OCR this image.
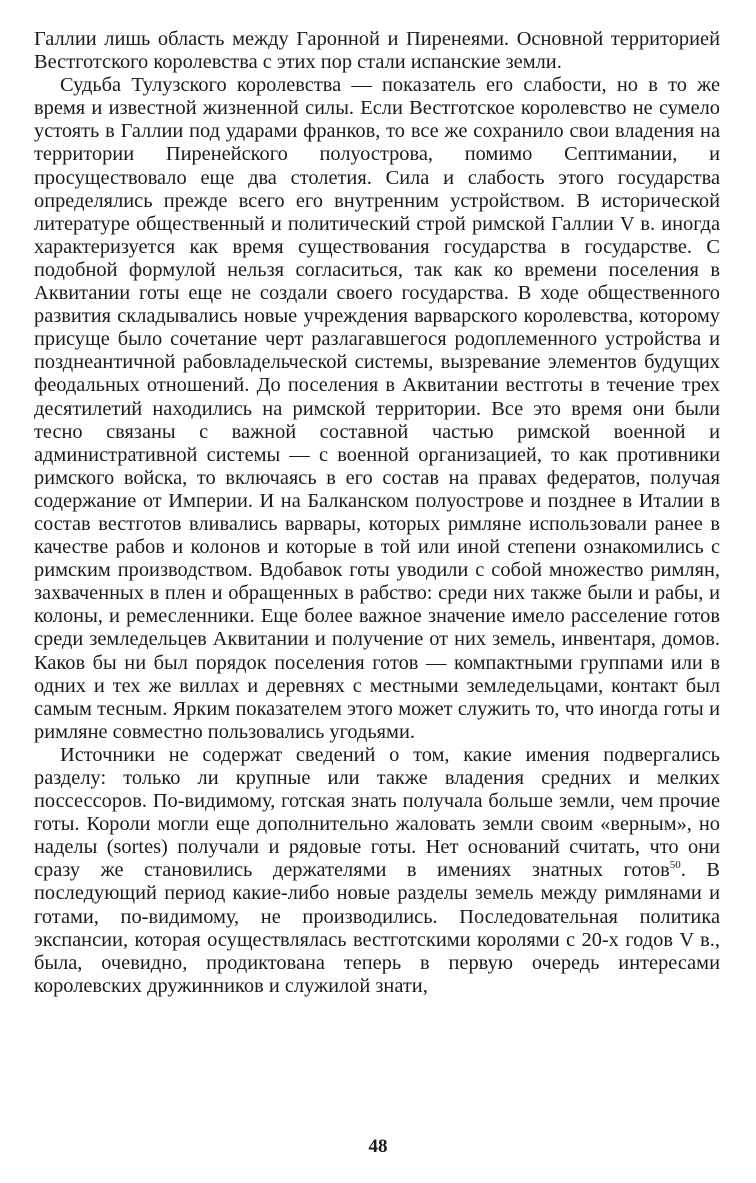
Галлии лишь область между Гаронной и Пиренеями. Основной территорией Вестготского королевства с этих пор стали испанские земли.

Судьба Тулузского королевства — показатель его слабости, но в то же время и известной жизненной силы. Если Вестготское королевство не сумело устоять в Галлии под ударами франков, то все же сохранило свои владения на территории Пиренейского полуострова, помимо Септимании, и просуществовало еще два столетия. Сила и слабость этого государства определялись прежде всего его внутренним устройством. В исторической литературе общественный и политический строй римской Галлии V в. иногда характеризуется как время существования государства в государстве. С подобной формулой нельзя согласиться, так как ко времени поселения в Аквитании готы еще не создали своего государства. В ходе общественного развития складывались новые учреждения варварского королевства, которому присуще было сочетание черт разлагавшегося родоплеменного устройства и позднеантичной рабовладельческой системы, вызревание элементов будущих феодальных отношений. До поселения в Аквитании вестготы в течение трех десятилетий находились на римской территории. Все это время они были тесно связаны с важной составной частью римской военной и административной системы — с военной организацией, то как противники римского войска, то включаясь в его состав на правах федератов, получая содержание от Империи. И на Балканском полуострове и позднее в Италии в состав вестготов вливались варвары, которых римляне использовали ранее в качестве рабов и колонов и которые в той или иной степени ознакомились с римским производством. Вдобавок готы уводили с собой множество римлян, захваченных в плен и обращенных в рабство: среди них также были и рабы, и колоны, и ремесленники. Еще более важное значение имело расселение готов среди земледельцев Аквитании и получение от них земель, инвентаря, домов. Каков бы ни был порядок поселения готов — компактными группами или в одних и тех же виллах и деревнях с местными земледельцами, контакт был самым тесным. Ярким показателем этого может служить то, что иногда готы и римляне совместно пользовались угодьями.

Источники не содержат сведений о том, какие имения подвергались разделу: только ли крупные или также владения средних и мелких поссессоров. По-видимому, готская знать получала больше земли, чем прочие готы. Короли могли еще дополнительно жаловать земли своим «верным», но наделы (sortes) получали и рядовые готы. Нет оснований считать, что они сразу же становились держателями в имениях знатных готов$^{50}$. В последующий период какие-либо новые разделы земель между римлянами и готами, по-видимому, не производились. Последовательная политика экспансии, которая осуществлялась вестготскими королями с 20-х годов V в., была, очевидно, продиктована теперь в первую очередь интересами королевских дружинников и служилой знати,

48
